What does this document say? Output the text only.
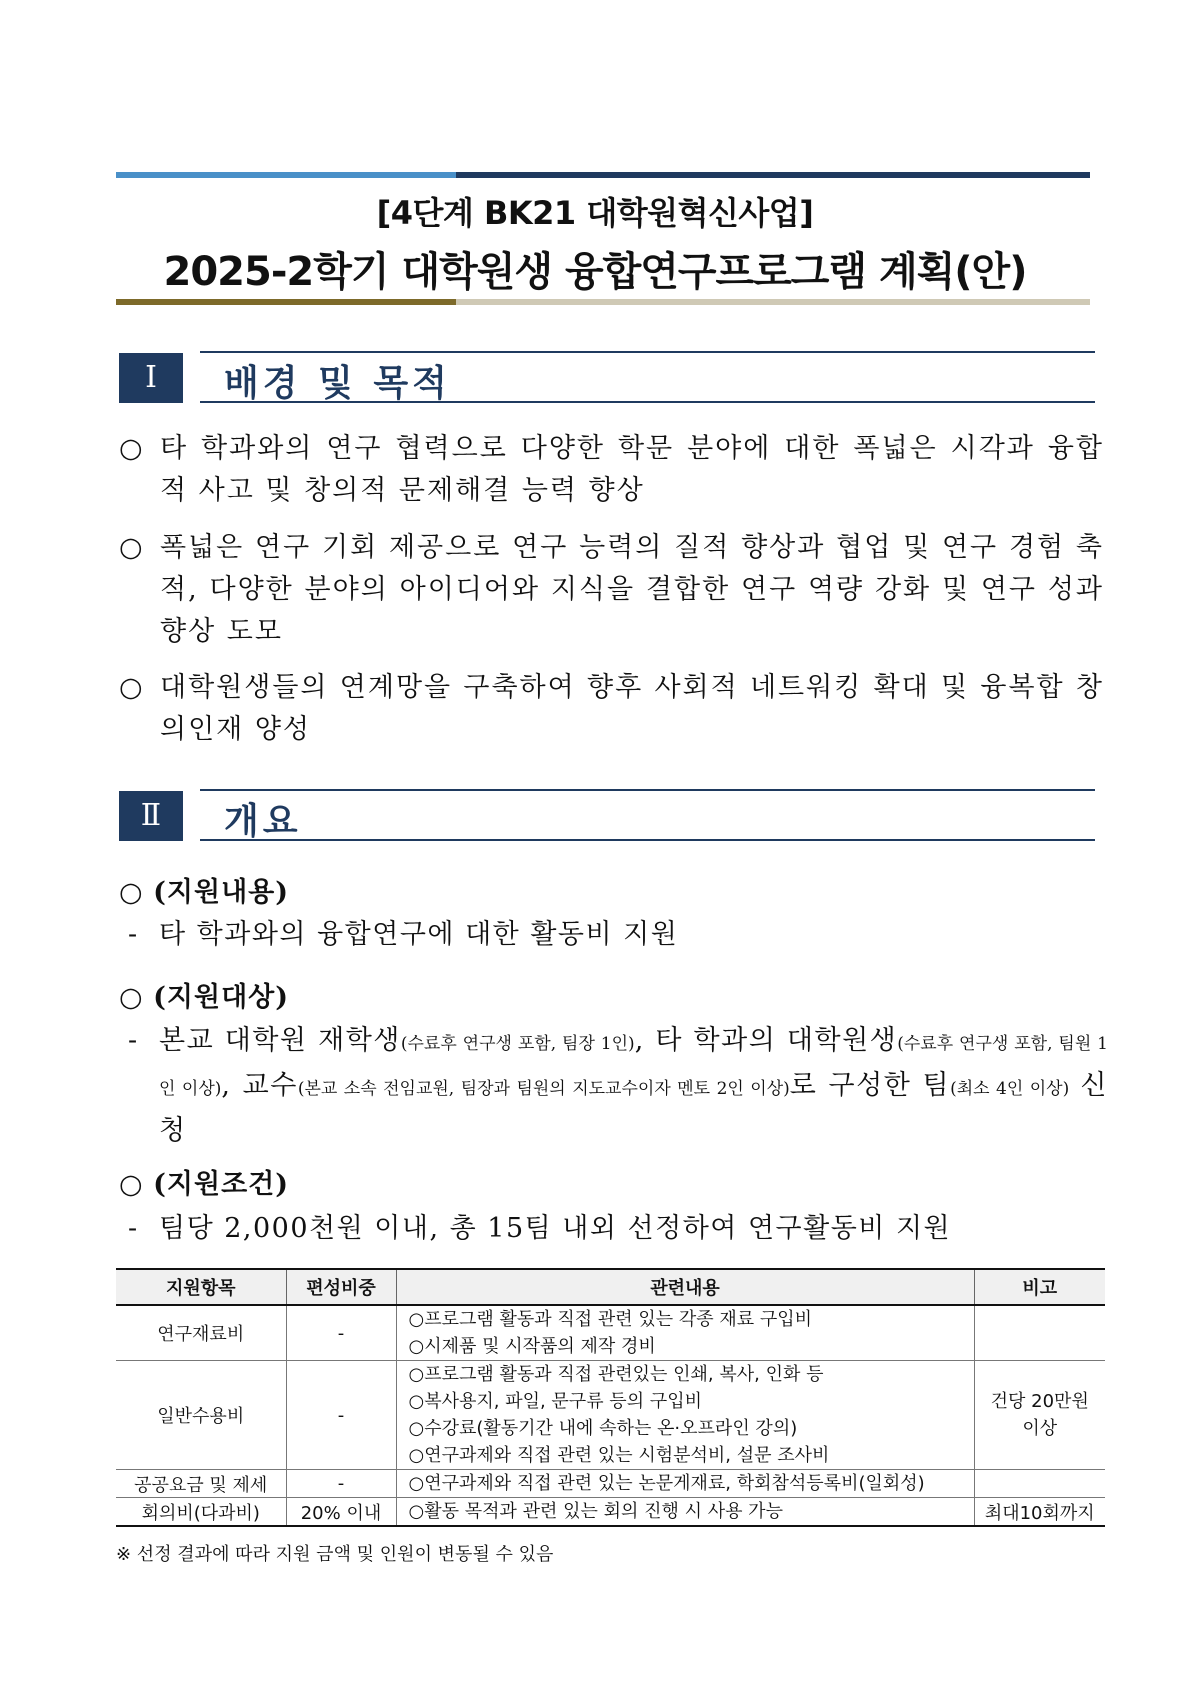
[4단계 BK21 대학원혁신사업]
2025-2학기 대학원생 융합연구프로그램 계획(안)
Ⅰ	배경 및 목적
○ 타 학과와의 연구 협력으로 다양한 학문 분야에 대한 폭넓은 시각과 융합적 사고 및 창의적 문제해결 능력 향상
○ 폭넓은 연구 기회 제공으로 연구 능력의 질적 향상과 협업 및 연구 경험 축적, 다양한 분야의 아이디어와 지식을 결합한 연구 역량 강화 및 연구 성과 향상 도모
○ 대학원생들의 연계망을 구축하여 향후 사회적 네트워킹 확대 및 융복합 창의인재 양성
Ⅱ	개요
○ (지원내용)
- 타 학과와의 융합연구에 대한 활동비 지원
○ (지원대상)
- 본교 대학원 재학생(수료후 연구생 포함, 팀장 1인), 타 학과의 대학원생(수료후 연구생 포함, 팀원 1인 이상), 교수(본교 소속 전임교원, 팀장과 팀원의 지도교수이자 멘토 2인 이상)로 구성한 팀(최소 4인 이상) 신청
○ (지원조건)
- 팀당 2,000천원 이내, 총 15팀 내외 선정하여 연구활동비 지원
지원항목	편성비중	관련내용	비고
연구재료비	-	○프로그램 활동과 직접 관련 있는 각종 재료 구입비
○시제품 및 시작품의 제작 경비	

일반수용비	-	○프로그램 활동과 직접 관련있는 인쇄, 복사, 인화 등
○복사용지, 파일, 문구류 등의 구입비
○수강료(활동기간 내에 속하는 온·오프라인 강의)
○연구과제와 직접 관련 있는 시험분석비, 설문 조사비	건당 20만원
이상

공공요금 및 제세	-	○연구과제와 직접 관련 있는 논문게재료, 학회참석등록비(일회성)	

회의비(다과비)	20% 이내	○활동 목적과 관련 있는 회의 진행 시 사용 가능	최대10회까지
※ 선정 결과에 따라 지원 금액 및 인원이 변동될 수 있음
